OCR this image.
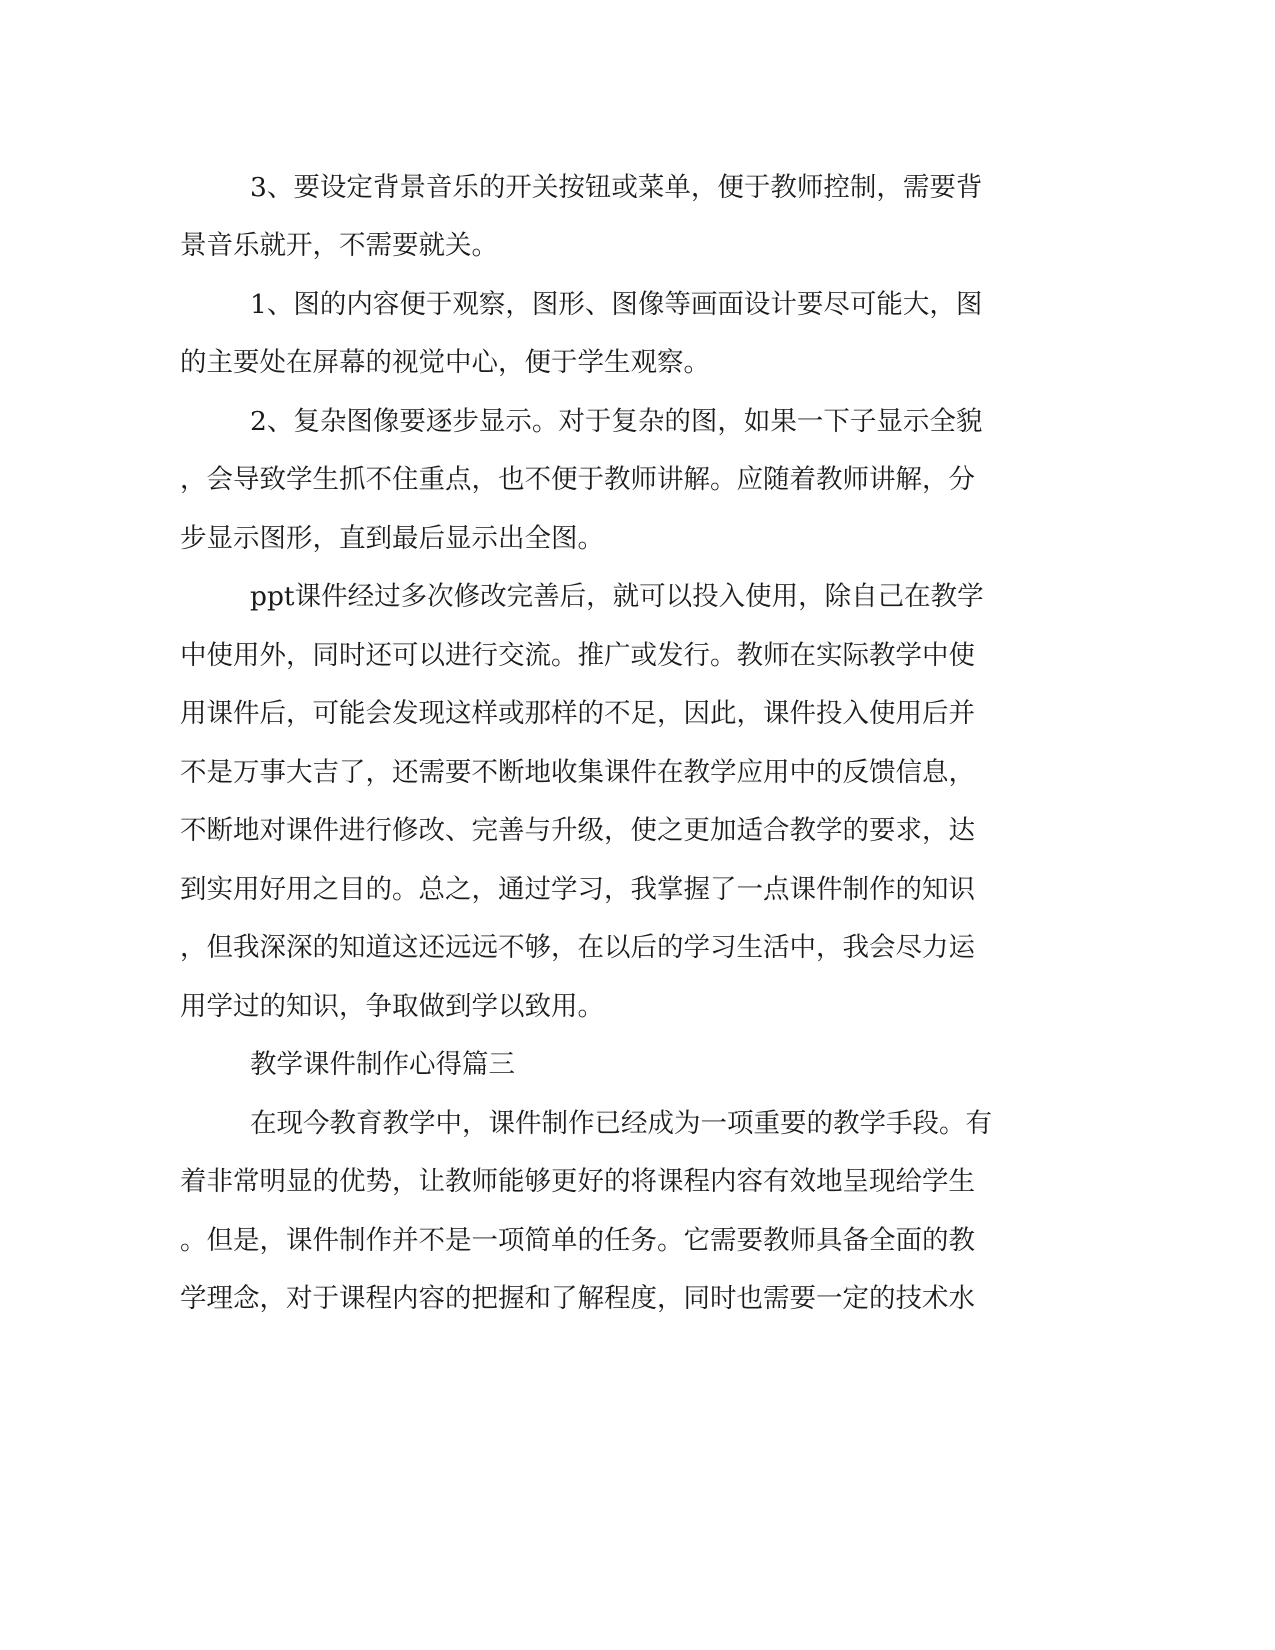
3、要设定背景音乐的开关按钮或菜单，便于教师控制，需要背
景音乐就开，不需要就关。
1、图的内容便于观察，图形、图像等画面设计要尽可能大，图
的主要处在屏幕的视觉中心，便于学生观察。
2、复杂图像要逐步显示。对于复杂的图，如果一下子显示全貌
，会导致学生抓不住重点，也不便于教师讲解。应随着教师讲解，分
步显示图形，直到最后显示出全图。
ppt课件经过多次修改完善后，就可以投入使用，除自己在教学
中使用外，同时还可以进行交流。推广或发行。教师在实际教学中使
用课件后，可能会发现这样或那样的不足，因此，课件投入使用后并
不是万事大吉了，还需要不断地收集课件在教学应用中的反馈信息，
不断地对课件进行修改、完善与升级，使之更加适合教学的要求，达
到实用好用之目的。总之，通过学习，我掌握了一点课件制作的知识
，但我深深的知道这还远远不够，在以后的学习生活中，我会尽力运
用学过的知识，争取做到学以致用。
教学课件制作心得篇三
在现今教育教学中，课件制作已经成为一项重要的教学手段。有
着非常明显的优势，让教师能够更好的将课程内容有效地呈现给学生
。但是，课件制作并不是一项简单的任务。它需要教师具备全面的教
学理念，对于课程内容的把握和了解程度，同时也需要一定的技术水
